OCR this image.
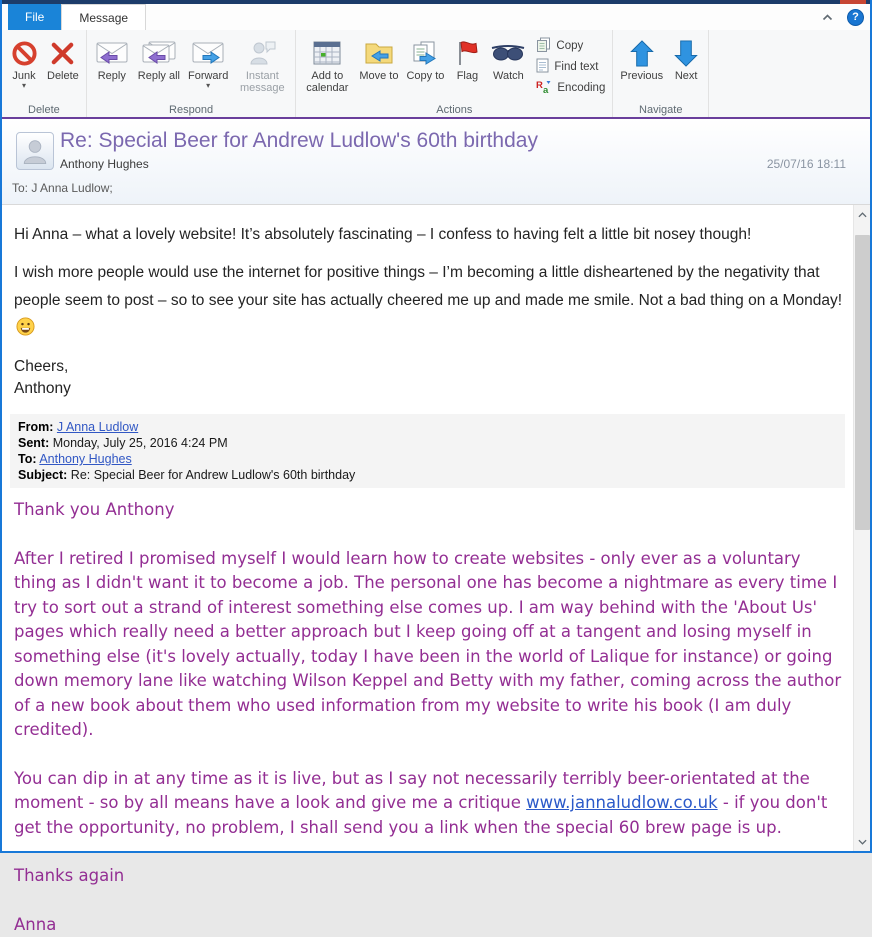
File	Message	?
Junk
▾
Delete
Delete
Reply Reply all Forward
▾
Instant message
Respond
Add to calendar
Move to Copy to Flag Watch
Copy
Find text
R a Encoding
Actions
Previous Next
Navigate
Re: Special Beer for Andrew Ludlow's 60th birthday
Anthony Hughes	25/07/16 18:11
To: J Anna Ludlow;

Hi Anna – what a lovely website! It’s absolutely fascinating – I confess to having felt a little bit nosey though!

I wish more people would use the internet for positive things – I’m becoming a little disheartened by the negativity that people seem to post – so to see your site has actually cheered me up and made me smile. Not a bad thing on a Monday!

Cheers,
Anthony
From: J Anna Ludlow
Sent: Monday, July 25, 2016 4:24 PM
To: Anthony Hughes
Subject: Re: Special Beer for Andrew Ludlow's 60th birthday
Thank you Anthony
After I retired I promised myself I would learn how to create websites - only ever as a voluntary thing as I didn't want it to become a job. The personal one has become a nightmare as every time I try to sort out a strand of interest something else comes up. I am way behind with the 'About Us' pages which really need a better approach but I keep going off at a tangent and losing myself in something else (it's lovely actually, today I have been in the world of Lalique for instance) or going down memory lane like watching Wilson Keppel and Betty with my father, coming across the author of a new book about them who used information from my website to write his book (I am duly credited).
You can dip in at any time as it is live, but as I say not necessarily terribly beer-orientated at the moment - so by all means have a look and give me a critique www.jannaludlow.co.uk - if you don't get the opportunity, no problem, I shall send you a link when the special 60 brew page is up.
Thanks again
Anna
